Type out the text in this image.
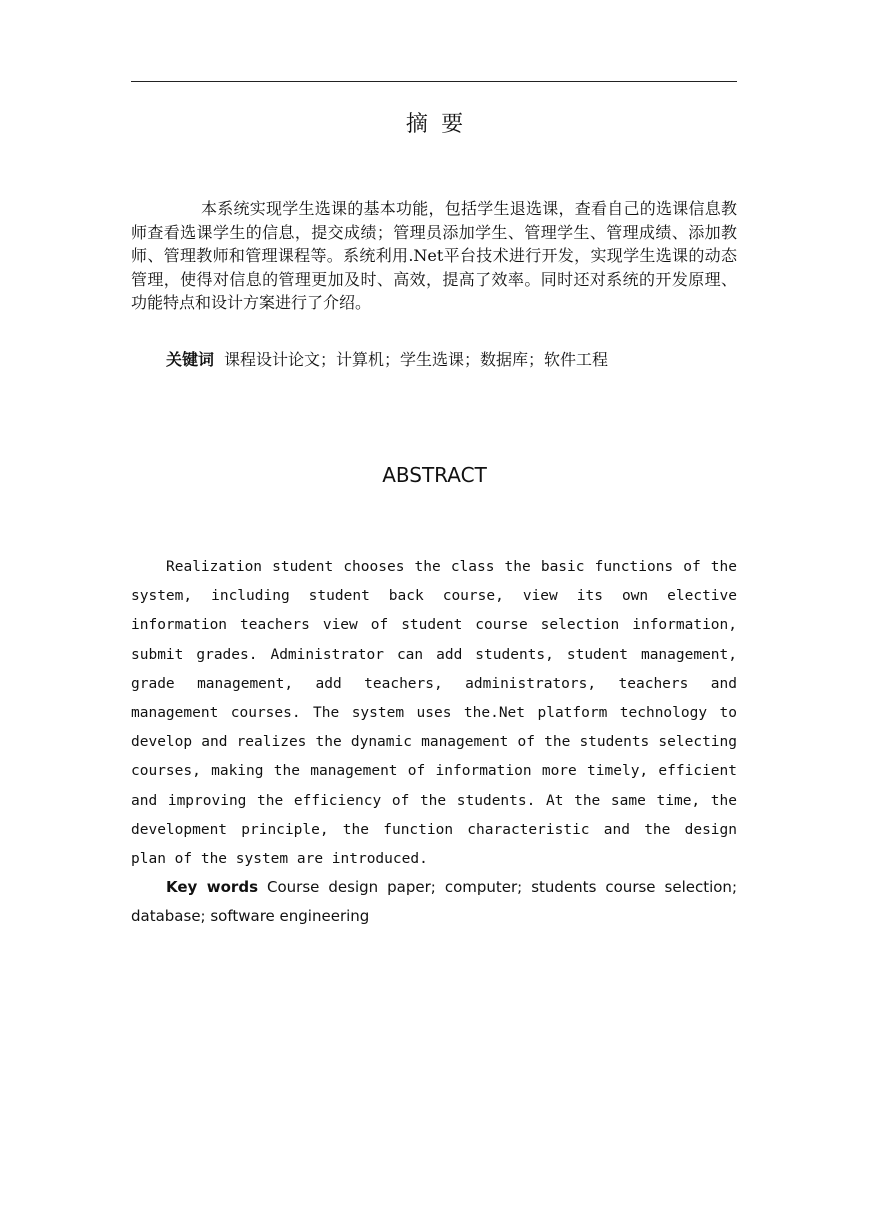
摘要

本系统实现学生选课的基本功能，包括学生退选课，查看自己的选课信息教师查看选课学生的信息，提交成绩；管理员添加学生、管理学生、管理成绩、添加教师、管理教师和管理课程等。系统利用.Net平台技术进行开发，实现学生选课的动态管理，使得对信息的管理更加及时、高效，提高了效率。同时还对系统的开发原理、功能特点和设计方案进行了介绍。

关键词 课程设计论文；计算机；学生选课；数据库；软件工程
ABSTRACT

Realization student chooses the class the basic functions of the system, including student back course, view its own elective information teachers view of student course selection information, submit grades. Administrator can add students, student management, grade management, add teachers, administrators, teachers and management courses. The system uses the.Net platform technology to develop and realizes the dynamic management of the students selecting courses, making the management of information more timely, efficient and improving the efficiency of the students. At the same time, the development principle, the function characteristic and the design plan of the system are introduced.

Key words Course design paper; computer; students course selection; database; software engineering
